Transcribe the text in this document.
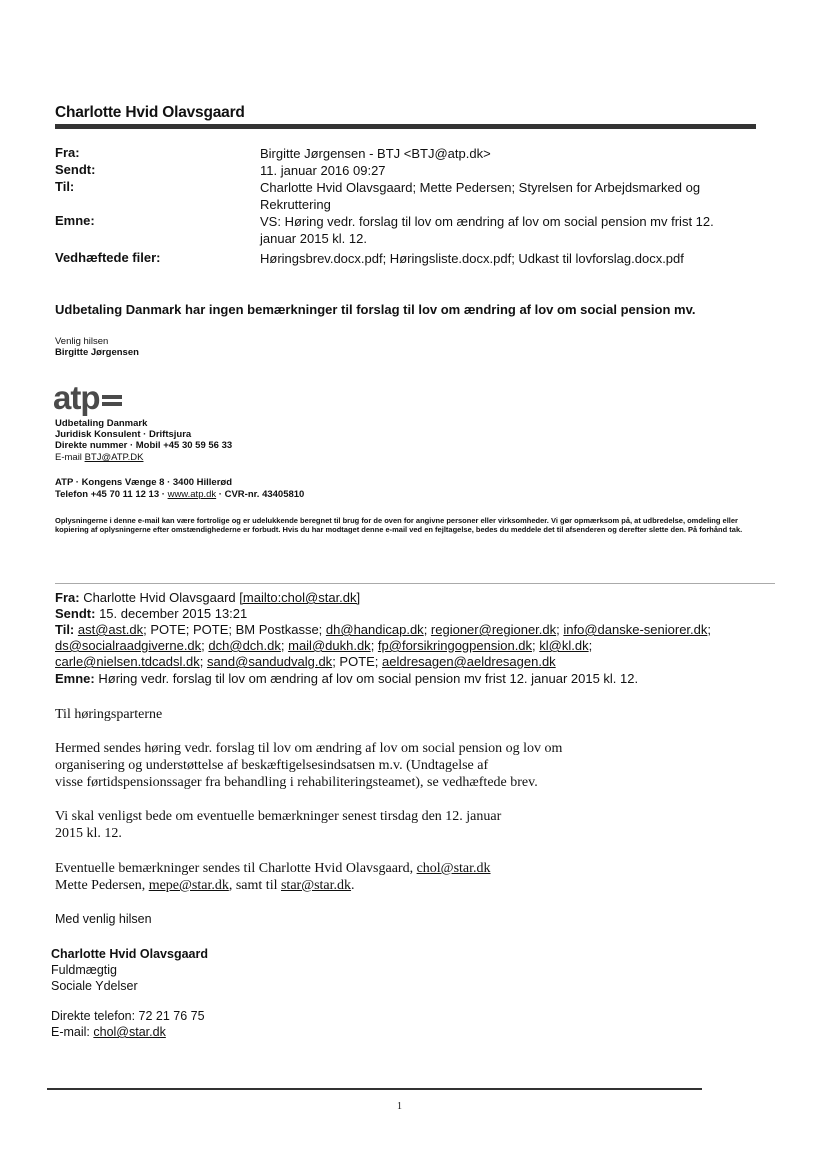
Charlotte Hvid Olavsgaard
Fra:	Birgitte Jørgensen - BTJ <BTJ@atp.dk>
Sendt:	11. januar 2016 09:27
Til:	Charlotte Hvid Olavsgaard; Mette Pedersen; Styrelsen for Arbejdsmarked og Rekruttering
Emne:	VS: Høring vedr. forslag til lov om ændring af lov om social pension mv frist 12. januar 2015 kl. 12.
Vedhæftede filer:	Høringsbrev.docx.pdf; Høringsliste.docx.pdf; Udkast til lovforslag.docx.pdf
Udbetaling Danmark har ingen bemærkninger til forslag til lov om ændring af lov om social pension mv.
Venlig hilsen
Birgitte Jørgensen
atp
Udbetaling Danmark
Juridisk Konsulent · Driftsjura
Direkte nummer · Mobil +45 30 59 56 33
E-mail BTJ@ATP.DK
ATP · Kongens Vænge 8 · 3400 Hillerød
Telefon +45 70 11 12 13 · www.atp.dk · CVR-nr. 43405810
Oplysningerne i denne e-mail kan være fortrolige og er udelukkende beregnet til brug for de oven for angivne personer eller virksomheder. Vi gør opmærksom på, at udbredelse, omdeling eller kopiering af oplysningerne efter omstændighederne er forbudt. Hvis du har modtaget denne e-mail ved en fejltagelse, bedes du meddele det til afsenderen og derefter slette den. På forhånd tak.
Fra: Charlotte Hvid Olavsgaard [mailto:chol@star.dk]
Sendt: 15. december 2015 13:21
Til: ast@ast.dk; POTE; POTE; BM Postkasse; dh@handicap.dk; regioner@regioner.dk; info@danske-seniorer.dk;
ds@socialraadgiverne.dk; dch@dch.dk; mail@dukh.dk; fp@forsikringogpension.dk; kl@kl.dk;
carle@nielsen.tdcadsl.dk; sand@sandudvalg.dk; POTE; aeldresagen@aeldresagen.dk
Emne: Høring vedr. forslag til lov om ændring af lov om social pension mv frist 12. januar 2015 kl. 12.
Til høringsparterne
Hermed sendes høring vedr. forslag til lov om ændring af lov om social pension og lov om
organisering og understøttelse af beskæftigelsesindsatsen m.v. (Undtagelse af
visse førtidspensionssager fra behandling i rehabiliteringsteamet), se vedhæftede brev.
Vi skal venligst bede om eventuelle bemærkninger senest tirsdag den 12. januar
2015 kl. 12.
Eventuelle bemærkninger sendes til Charlotte Hvid Olavsgaard, chol@star.dk
Mette Pedersen, mepe@star.dk, samt til star@star.dk.
Med venlig hilsen
Charlotte Hvid Olavsgaard
Fuldmægtig
Sociale Ydelser
Direkte telefon: 72 21 76 75
E-mail: chol@star.dk
1
